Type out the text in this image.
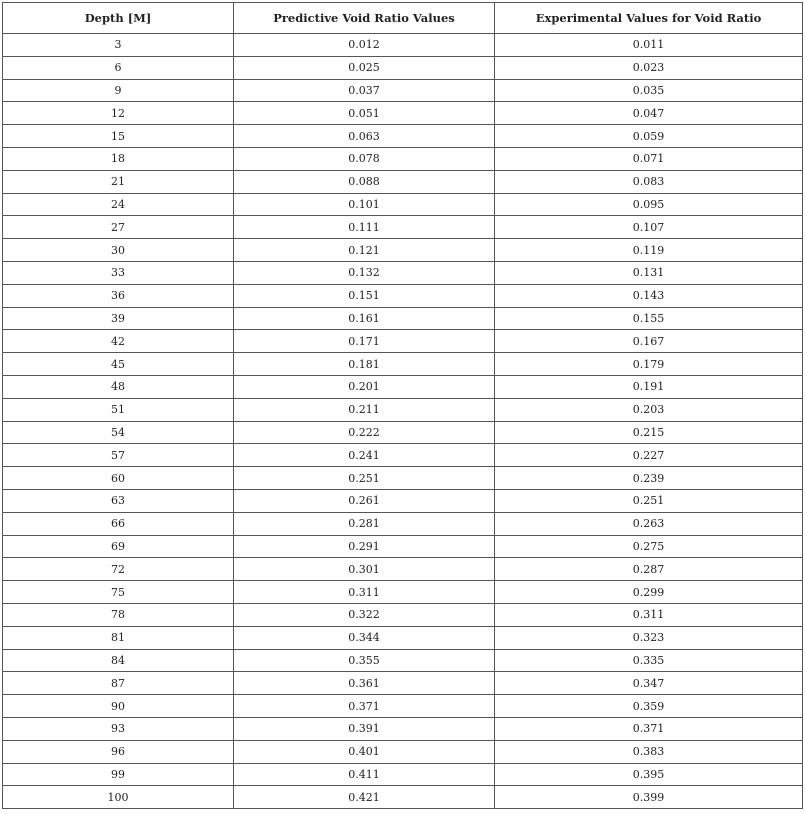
Depth [M]	Predictive Void Ratio Values	Experimental Values for Void Ratio
3	0.012	0.011
6	0.025	0.023
9	0.037	0.035
12	0.051	0.047
15	0.063	0.059
18	0.078	0.071
21	0.088	0.083
24	0.101	0.095
27	0.111	0.107
30	0.121	0.119
33	0.132	0.131
36	0.151	0.143
39	0.161	0.155
42	0.171	0.167
45	0.181	0.179
48	0.201	0.191
51	0.211	0.203
54	0.222	0.215
57	0.241	0.227
60	0.251	0.239
63	0.261	0.251
66	0.281	0.263
69	0.291	0.275
72	0.301	0.287
75	0.311	0.299
78	0.322	0.311
81	0.344	0.323
84	0.355	0.335
87	0.361	0.347
90	0.371	0.359
93	0.391	0.371
96	0.401	0.383
99	0.411	0.395
100	0.421	0.399
